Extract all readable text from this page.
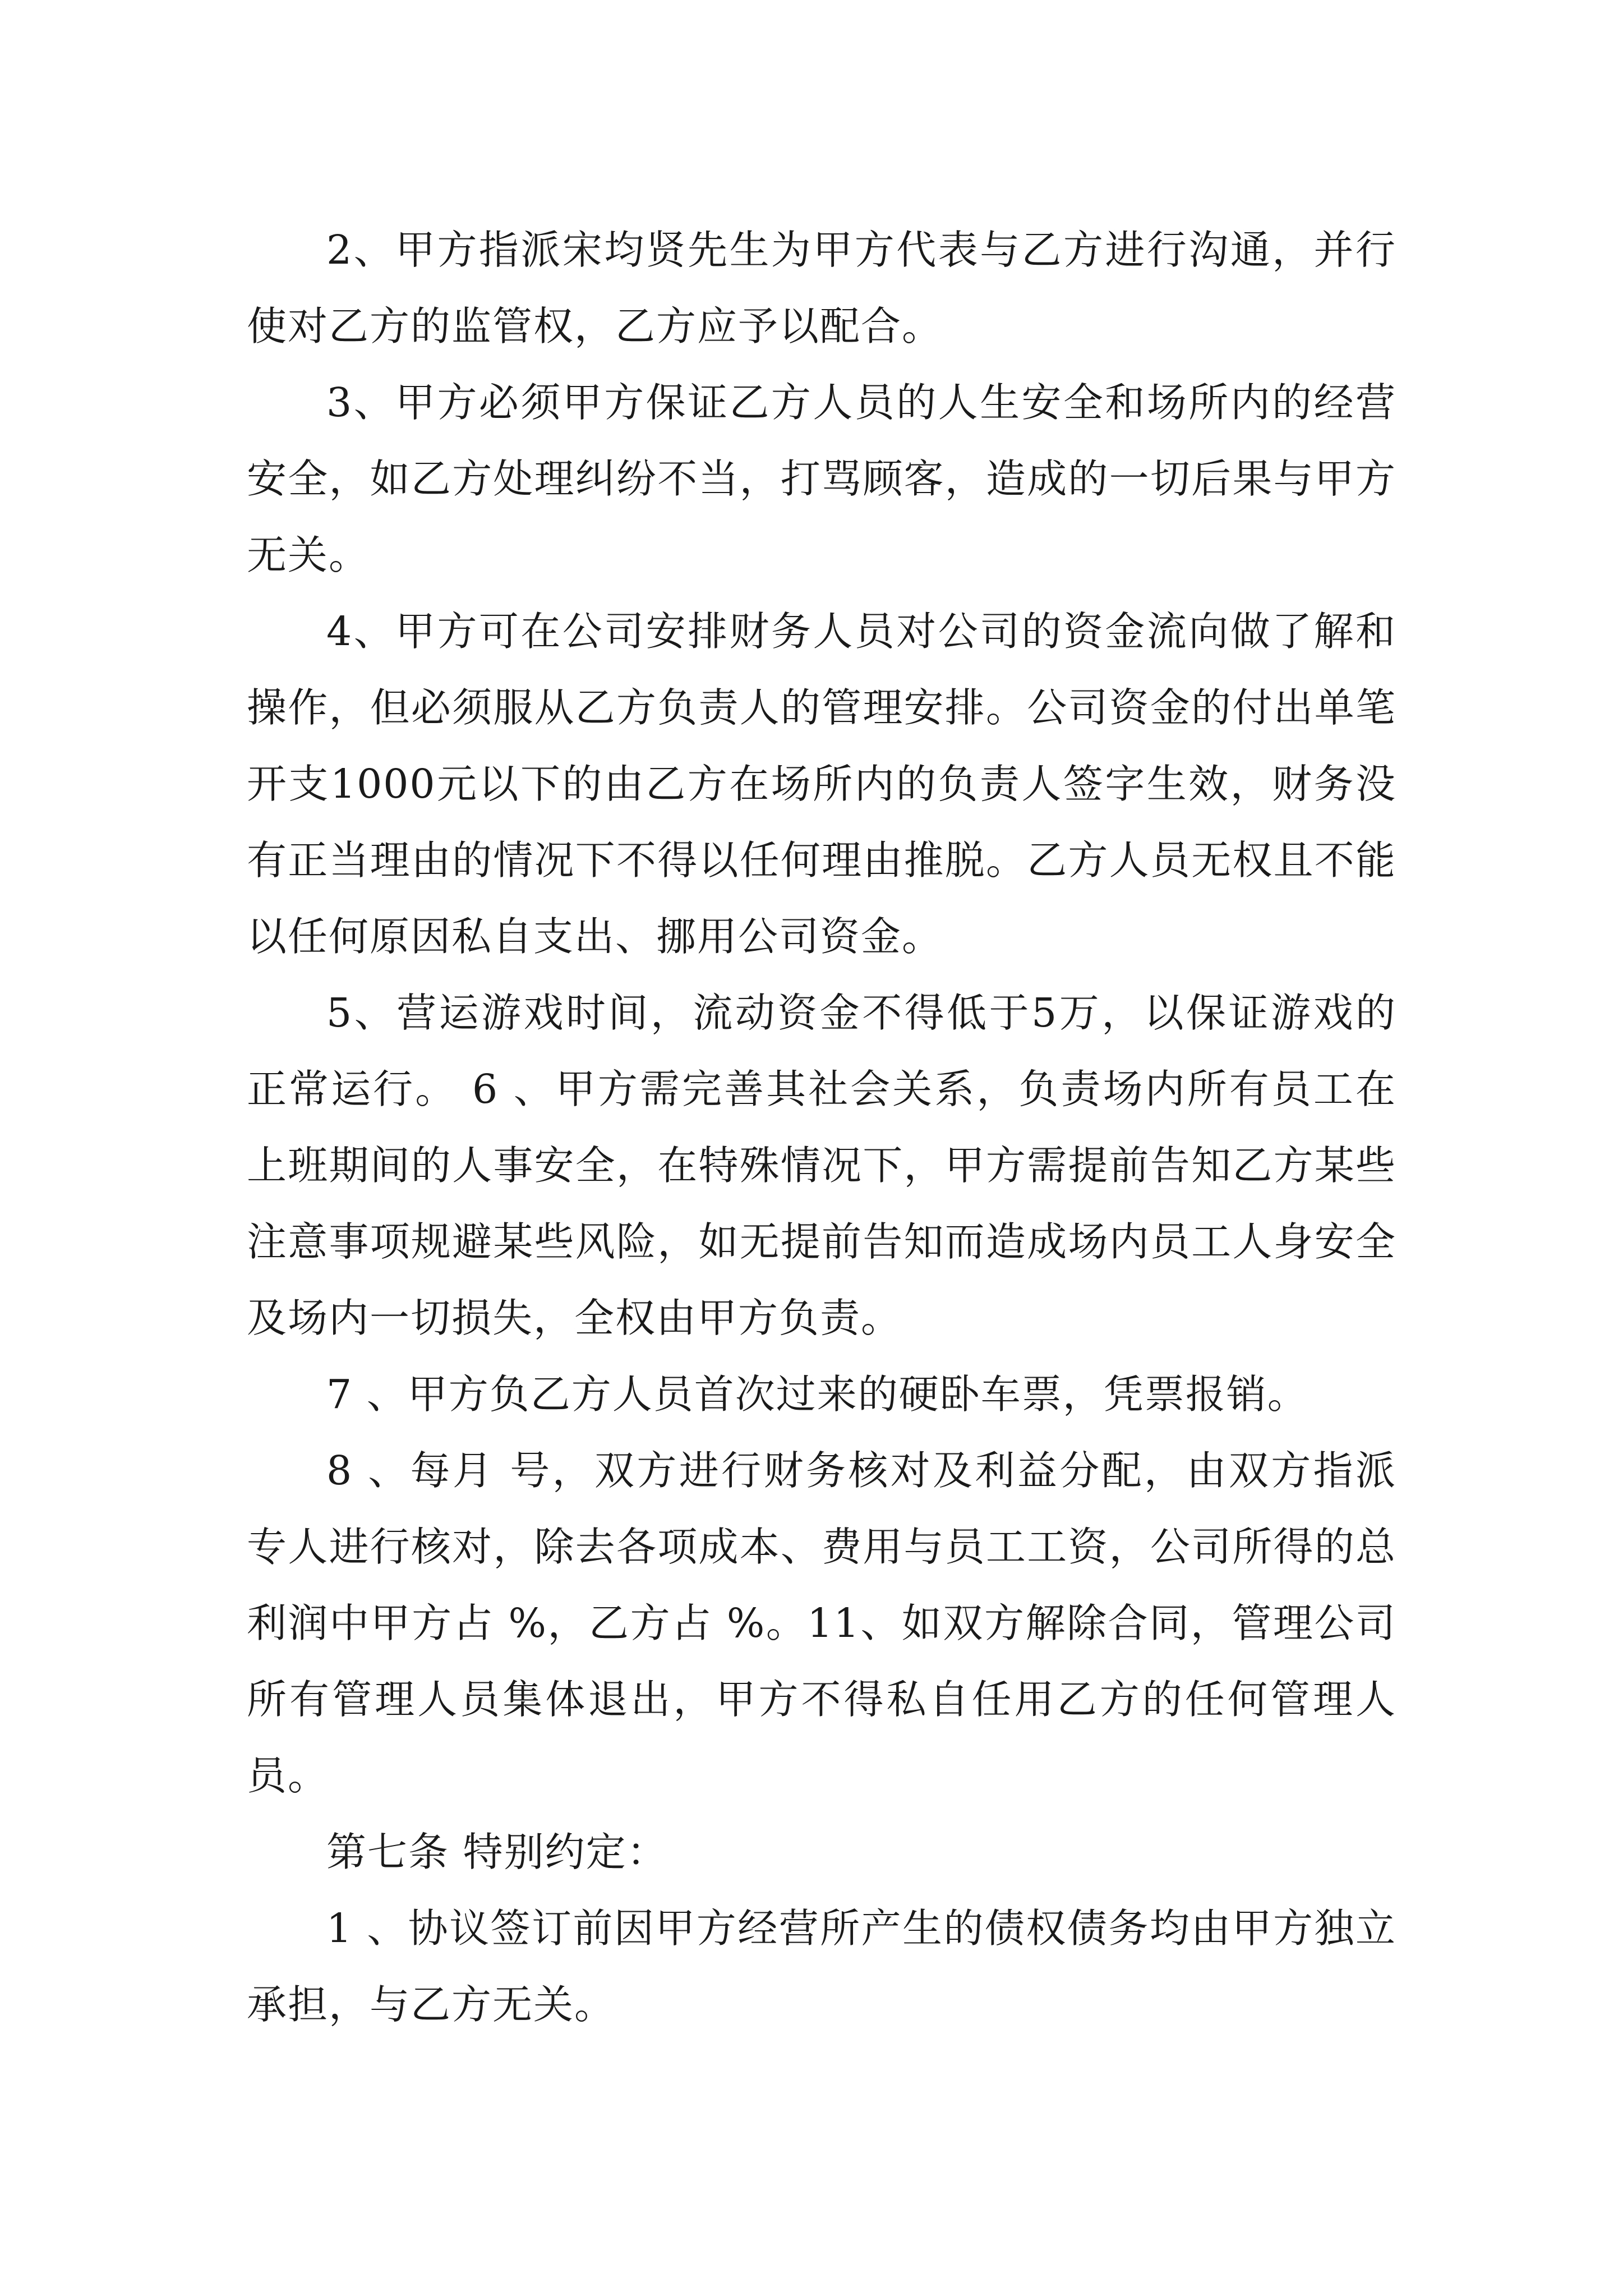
2、甲方指派宋均贤先生为甲方代表与乙方进行沟通，并行使对乙方的监管权，乙方应予以配合。

3、甲方必须甲方保证乙方人员的人生安全和场所内的经营安全，如乙方处理纠纷不当，打骂顾客，造成的一切后果与甲方无关。

4、甲方可在公司安排财务人员对公司的资金流向做了解和操作，但必须服从乙方负责人的管理安排。公司资金的付出单笔开支1000元以下的由乙方在场所内的负责人签字生效，财务没有正当理由的情况下不得以任何理由推脱。乙方人员无权且不能以任何原因私自支出、挪用公司资金。

5、营运游戏时间，流动资金不得低于5万，以保证游戏的正常运行。 6 、甲方需完善其社会关系，负责场内所有员工在上班期间的人事安全，在特殊情况下，甲方需提前告知乙方某些注意事项规避某些风险，如无提前告知而造成场内员工人身安全及场内一切损失，全权由甲方负责。

7 、甲方负乙方人员首次过来的硬卧车票，凭票报销。

8 、每月 号，双方进行财务核对及利益分配，由双方指派专人进行核对，除去各项成本、费用与员工工资，公司所得的总利润中甲方占 %，乙方占 %。11、如双方解除合同，管理公司所有管理人员集体退出，甲方不得私自任用乙方的任何管理人员。

第七条 特别约定：

1 、协议签订前因甲方经营所产生的债权债务均由甲方独立承担，与乙方无关。
